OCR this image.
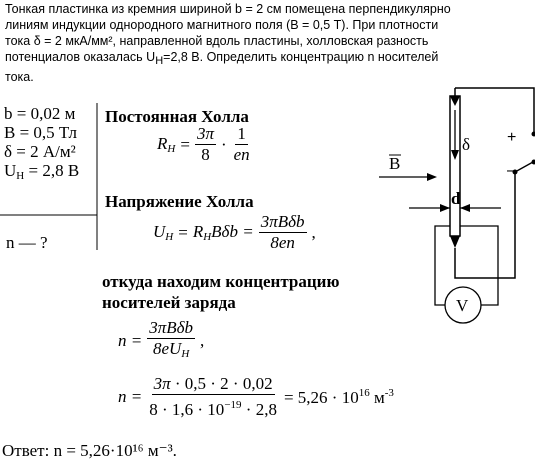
Тонкая пластинка из кремния шириной b = 2 см помещена перпендикулярно
линиям индукции однородного магнитного поля (B = 0,5 Т). При плотности
тока δ = 2 мкА/мм², направленной вдоль пластины, холловская разность
потенциалов оказалась $U_H=2,8$ В. Определить концентрацию n носителей
тока.
b = 0,02 м
B = 0,5 Тл
δ = 2 А/м²
$U_H = 2,8$ В
n — ?
Постоянная Холла
$R_H = \frac{3\pi}{8} \cdot \frac{1}{en}$
Напряжение Холла
$U_H = R_HB\delta b = \frac{\text{3πBδb}}{8en}$ ,
откуда находим концентрацию
носителей заряда
$n = \frac{\text{3πBδb}}{8eU_H}$ ,
$n = \frac{3\pi \cdot 0,5 \cdot 2 \cdot 0,02}{8 \cdot 1,6 \cdot 10^{-19} \cdot 2,8} = 5,26 \cdot 10^{16}$ $м^{-3}$
Ответ: n = 5,26·10¹⁶ м⁻³.
δ
B
d
+
–
V
